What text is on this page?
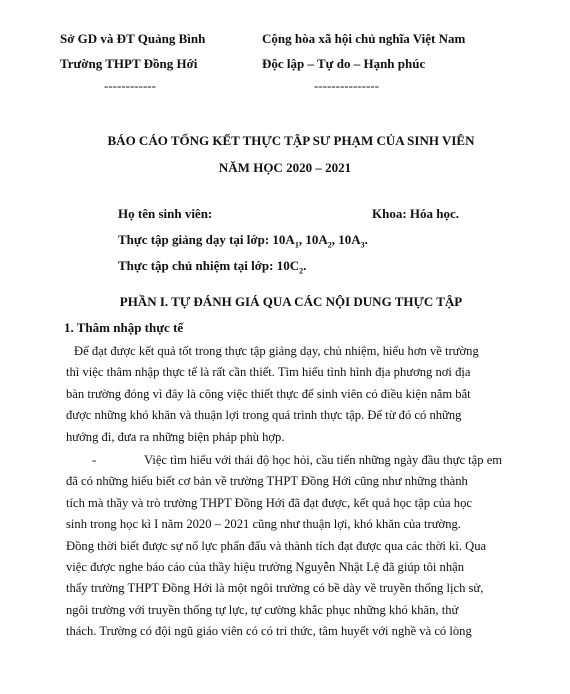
Sở GD và ĐT Quảng Bình
Trường THPT Đồng Hới
------------
Cộng hòa xã hội chủ nghĩa Việt Nam
Độc lập – Tự do – Hạnh phúc
---------------
BÁO CÁO TỔNG KẾT THỰC TẬP SƯ PHẠM CỦA SINH VIÊN
NĂM HỌC 2020 – 2021
Họ tên sinh viên:	Khoa: Hóa học.
Thực tập giảng dạy tại lớp: $10A_1$, $10A_2$, $10A_3$.
Thực tập chủ nhiệm tại lớp: $10C_2$.
PHẦN I. TỰ ĐÁNH GIÁ QUA CÁC NỘI DUNG THỰC TẬP
1. Thâm nhập thực tế
Để đạt được kết quả tốt trong thực tập giảng dạy, chủ nhiệm, hiểu hơn về trường
thì việc thâm nhập thực tế là rất cần thiết. Tìm hiểu tình hình địa phương nơi địa
bàn trường đóng vì đây là công việc thiết thực để sinh viên có điều kiện nắm bắt
được những khó khăn và thuận lợi trong quá trình thực tập. Để từ đó có những
hướng đi, đưa ra những biện pháp phù hợp.
-	Việc tìm hiểu với thái độ học hỏi, cầu tiến những ngày đầu thực tập em
đã có những hiểu biết cơ bản về trường THPT Đồng Hới cũng như những thành
tích mà thầy và trò trường THPT Đồng Hới đã đạt được, kết quả học tập của học
sinh trong học kì I năm 2020 – 2021 cũng như thuận lợi, khó khăn của trường.
Đồng thời biết được sự nổ lực phấn đấu và thành tích đạt được qua các thời kì. Qua
việc được nghe báo cáo của thầy hiệu trưởng Nguyễn Nhật Lệ đã giúp tôi nhận
thấy trường THPT Đồng Hới là một ngôi trường có bề dày về truyền thống lịch sử,
ngôi trường với truyền thống tự lực, tự cường khắc phục những khó khăn, thử
thách. Trường có đội ngũ giáo viên có có tri thức, tâm huyết với nghề và có lòng
